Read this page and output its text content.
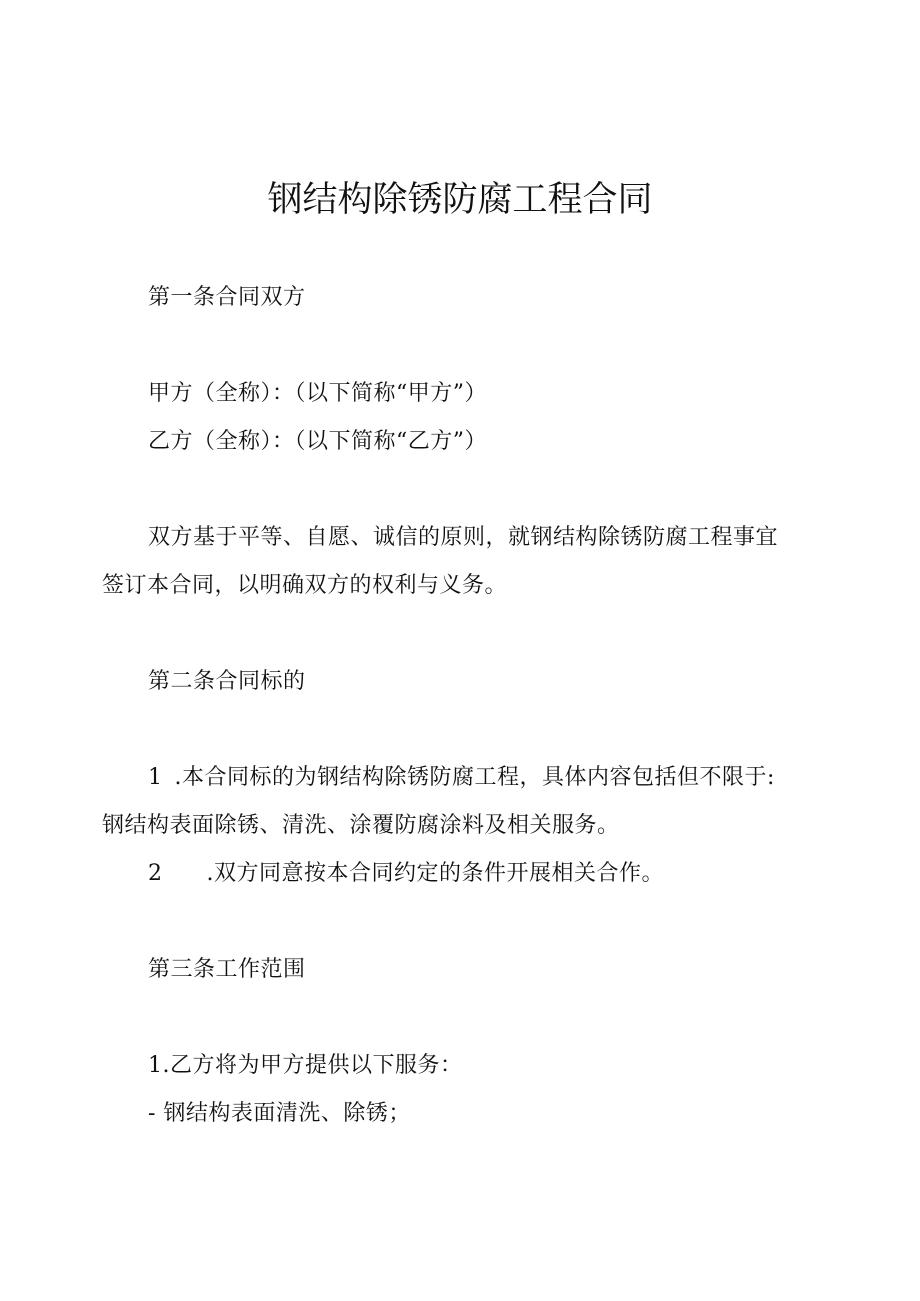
钢结构除锈防腐工程合同
第一条合同双方
甲方（全称）：（以下简称“甲方”）
乙方（全称）：（以下简称“乙方”）
双方基于平等、自愿、诚信的原则，就钢结构除锈防腐工程事宜
签订本合同，以明确双方的权利与义务。
第二条合同标的
1 .本合同标的为钢结构除锈防腐工程，具体内容包括但不限于:
钢结构表面除锈、清洗、涂覆防腐涂料及相关服务。
2 .双方同意按本合同约定的条件开展相关合作。
第三条工作范围
1.乙方将为甲方提供以下服务：
- 钢结构表面清洗、除锈；
